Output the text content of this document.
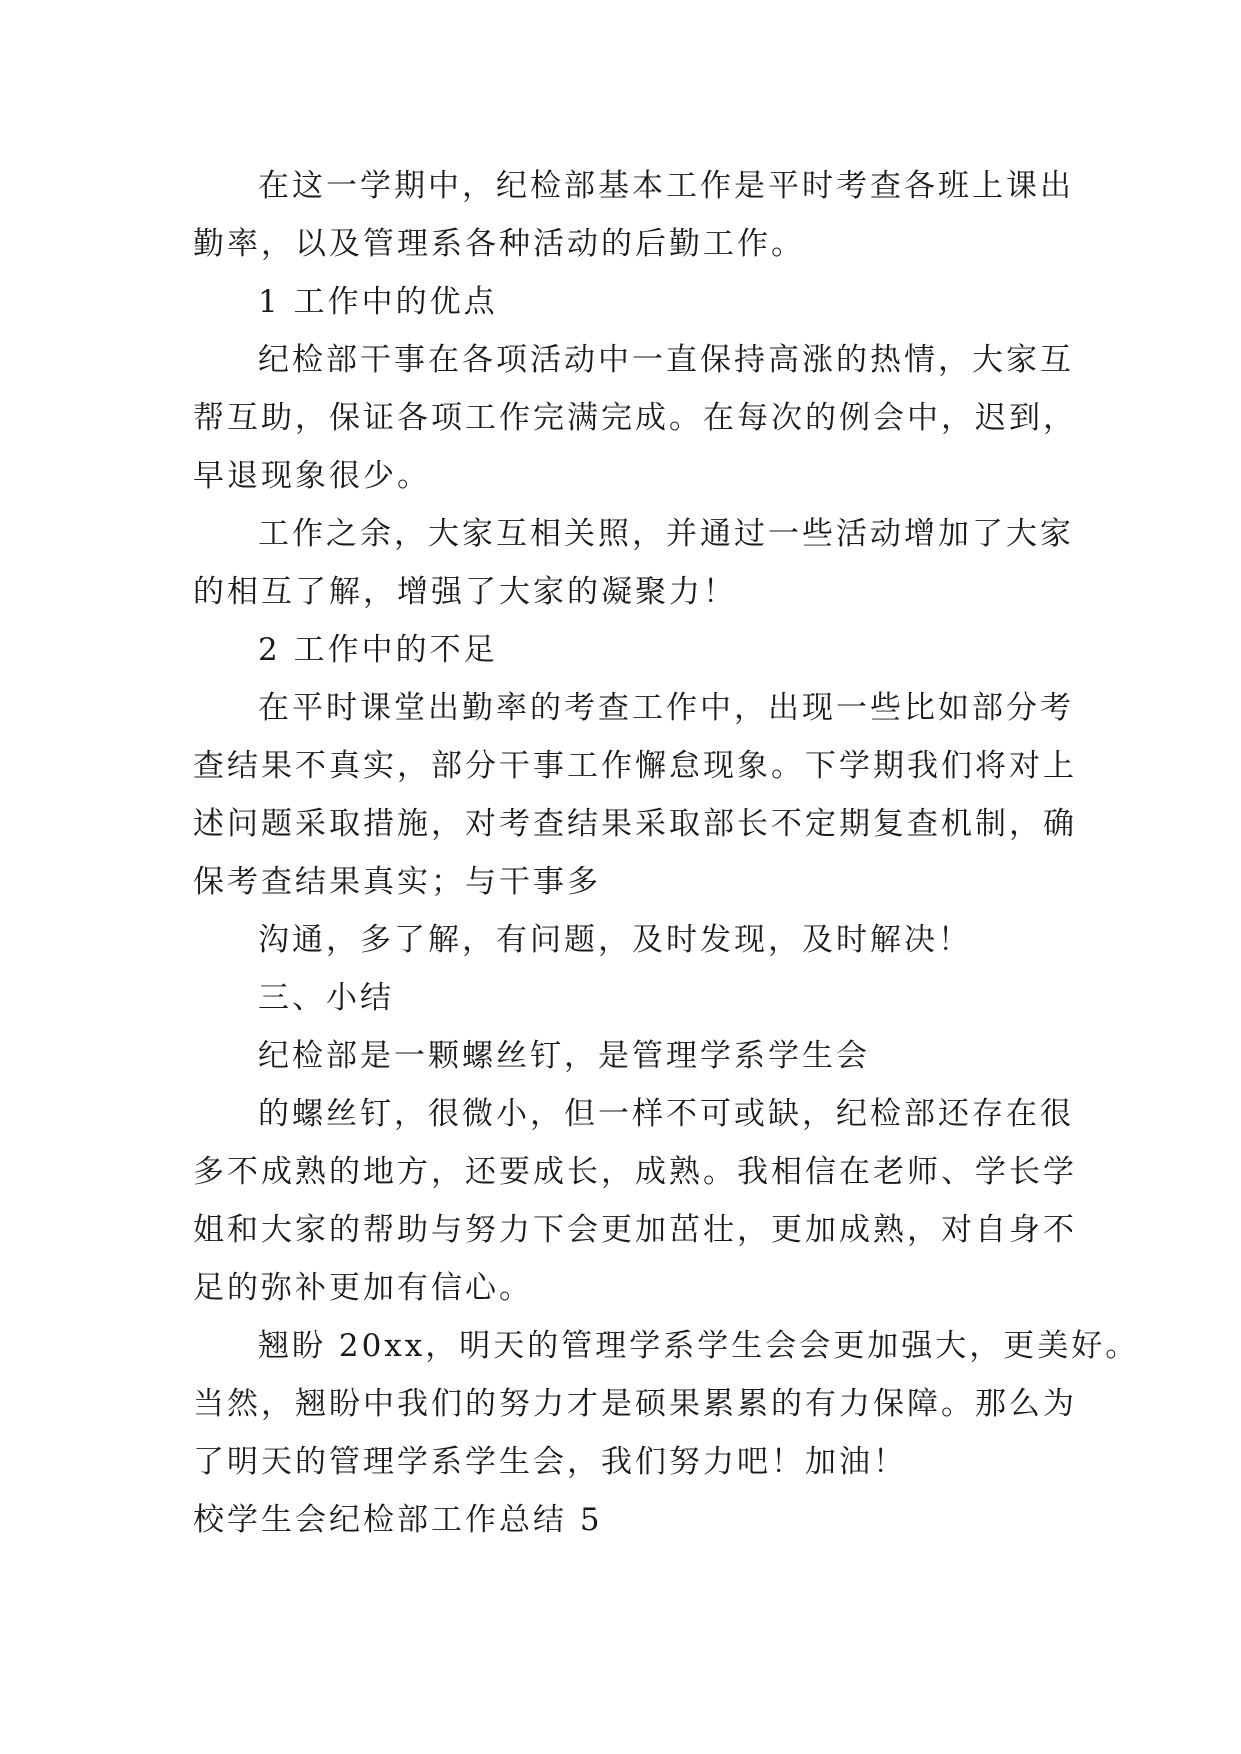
在这一学期中，纪检部基本工作是平时考查各班上课出
勤率，以及管理系各种活动的后勤工作。
1 工作中的优点
纪检部干事在各项活动中一直保持高涨的热情，大家互
帮互助，保证各项工作完满完成。在每次的例会中，迟到，
早退现象很少。
工作之余，大家互相关照，并通过一些活动增加了大家
的相互了解，增强了大家的凝聚力！
2 工作中的不足
在平时课堂出勤率的考查工作中，出现一些比如部分考
查结果不真实，部分干事工作懈怠现象。下学期我们将对上
述问题采取措施，对考查结果采取部长不定期复查机制，确
保考查结果真实；与干事多
沟通，多了解，有问题，及时发现，及时解决！
三、小结
纪检部是一颗螺丝钉，是管理学系学生会
的螺丝钉，很微小，但一样不可或缺，纪检部还存在很
多不成熟的地方，还要成长，成熟。我相信在老师、学长学
姐和大家的帮助与努力下会更加茁壮，更加成熟，对自身不
足的弥补更加有信心。
翘盼 20xx，明天的管理学系学生会会更加强大，更美好。
当然，翘盼中我们的努力才是硕果累累的有力保障。那么为
了明天的管理学系学生会，我们努力吧！加油！
校学生会纪检部工作总结 5
